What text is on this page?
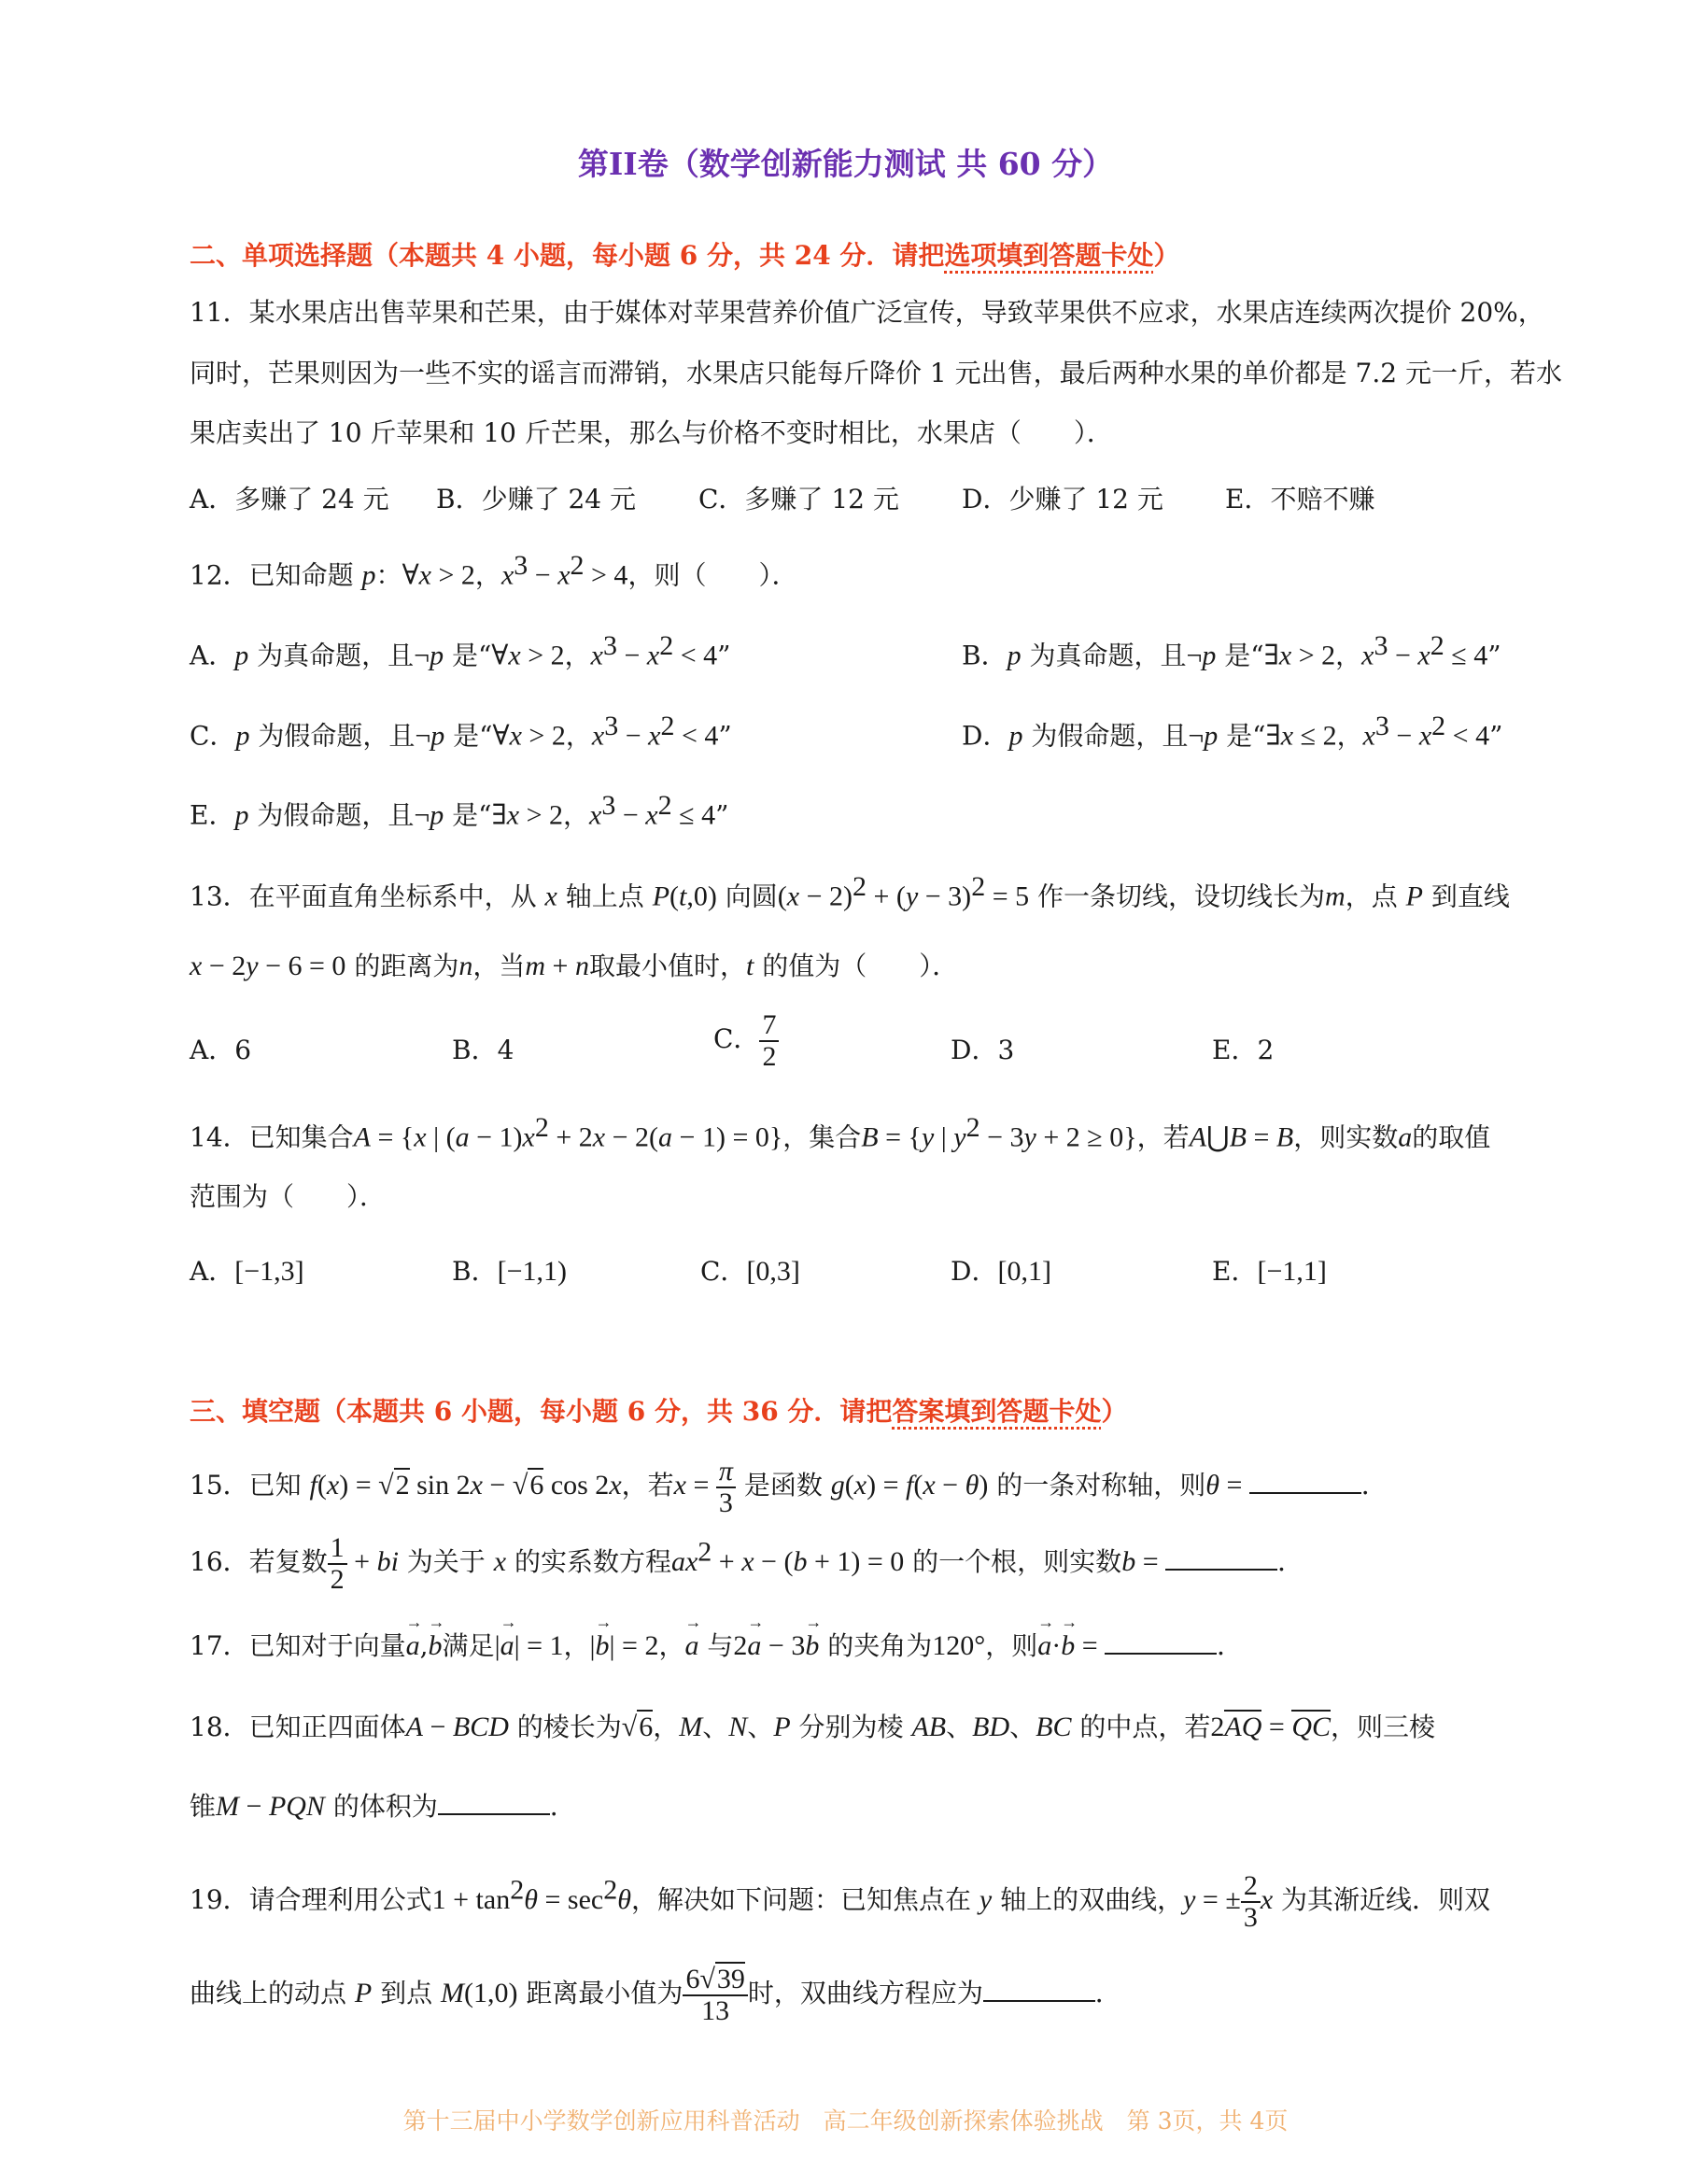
第II卷（数学创新能力测试 共 60 分）
二、单项选择题（本题共 4 小题，每小题 6 分，共 24 分．请把选项填到答题卡处）
11．某水果店出售苹果和芒果，由于媒体对苹果营养价值广泛宣传，导致苹果供不应求，水果店连续两次提价 20%，
同时，芒果则因为一些不实的谣言而滞销，水果店只能每斤降价 1 元出售，最后两种水果的单价都是 7.2 元一斤，若水
果店卖出了 10 斤苹果和 10 斤芒果，那么与价格不变时相比，水果店（　　）．
A．多赚了 24 元 B．少赚了 24 元 C．多赚了 12 元 D．少赚了 12 元 E．不赔不赚
12．已知命题 p：∀x > 2，$x^3 - x^2 > 4$，则（　　）．
A．p 为真命题，且¬p 是“∀x > 2，$x^3 - x^2 < 4$”	B．p 为真命题，且¬p 是“∃x > 2，$x^3 - x^2 \le 4$”
C．p 为假命题，且¬p 是“∀x > 2，$x^3 - x^2 < 4$”	D．p 为假命题，且¬p 是“∃x ≤ 2，$x^3 - x^2 < 4$”
E．p 为假命题，且¬p 是“∃x > 2，$x^3 - x^2 \le 4$”
13．在平面直角坐标系中，从 x 轴上点 P(t,0) 向圆$(x - 2)^2 + (y - 3)^2 = 5$ 作一条切线，设切线长为m，点 P 到直线
x − 2y − 6 = 0 的距离为n，当m + n取最小值时，t 的值为（　　）．
A．6	B．4	C． $\frac{7}{2}$	D．3	E．2
14．已知集合A = {x | $(a - 1)x^2 + 2x - 2(a - 1) = 0$}，集合B = {y | $y^2 - 3y + 2 \ge 0$}，若A⋃B = B，则实数a的取值
范围为（　　）．
A．[−1,3]	B．[−1,1)	C．[0,3]	D．[0,1]	E．[−1,1]
三、填空题（本题共 6 小题，每小题 6 分，共 36 分．请把答案填到答题卡处）
15．已知 f(x) = √2 sin 2x − √6 cos 2x，若$x = \frac{\pi}{3}$ 是函数 g(x) = f(x − θ) 的一条对称轴，则θ =	．
16．若复数 $\frac{1}{2}$ + bi 为关于 x 的实系数方程$ax^2 + x - (b + 1) = 0$ 的一个根，则实数b =	．
17．已知对于向量→ a,→ b满足|→ a| = 1，|→ b| = 2，→ a 与2→ a − 3→ b 的夹角为120°，则→ a·→ b =	．
18．已知正四面体A − BCD 的棱长为√6，M、N、P 分别为棱 AB、BD、BC 的中点，若2AQ = QC，则三棱
锥M − PQN 的体积为	．
19．请合理利用公式$1 + \tan^2\theta = \sec^2\theta$，解决如下问题：已知焦点在 y 轴上的双曲线，y = ± $\frac{2}{3}$ x 为其渐近线．则双
曲线上的动点 P 到点 M(1,0) 距离最小值为 $\frac{6√39}{13}$ 时，双曲线方程应为	．
第十三届中小学数学创新应用科普活动　高二年级创新探索体验挑战　第 3页，共 4页
